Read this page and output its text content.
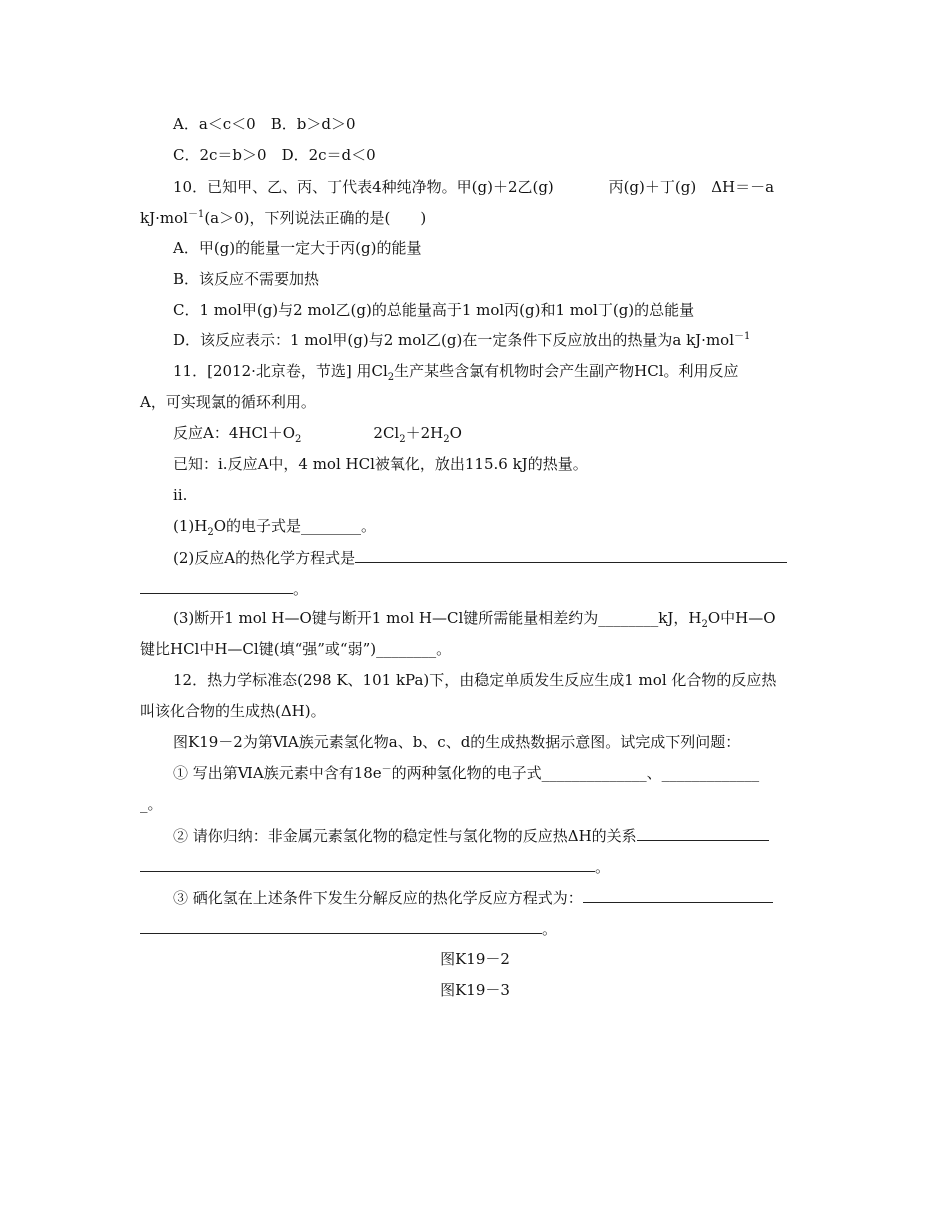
A．a＜c＜0　B．b＞d＞0
C．2c＝b＞0　D．2c＝d＜0
10．已知甲、乙、丙、丁代表4种纯净物。甲(g)＋2乙(g)	丙(g)＋丁(g)　ΔH＝－a
kJ·mol$^{-1}$(a＞0)，下列说法正确的是(　　)
A．甲(g)的能量一定大于丙(g)的能量
B．该反应不需要加热
C．1 mol甲(g)与2 mol乙(g)的总能量高于1 mol丙(g)和1 mol丁(g)的总能量
D．该反应表示：1 mol甲(g)与2 mol乙(g)在一定条件下反应放出的热量为a kJ·mol$^{-1}$
11．[2012·北京卷，节选] 用$Cl_2$生产某些含氯有机物时会产生副产物HCl。利用反应
A，可实现氯的循环利用。
反应A：$4HCl+O_2$	$2Cl_2+2H_2O$
已知：ⅰ.反应A中，4 mol HCl被氧化，放出115.6 kJ的热量。
ⅱ.
$(1)H_2O$的电子式是________。
(2)反应A的热化学方程式是
。
(3)断开1 mol H—O键与断开1 mol H—Cl键所需能量相差约为________kJ，$H_2O$中H—O
键比HCl中H—Cl键(填“强”或“弱”)________。
12．热力学标准态(298 K、101 kPa)下，由稳定单质发生反应生成1 mol 化合物的反应热
叫该化合物的生成热(ΔH)。
图K19－2为第ⅥA族元素氢化物a、b、c、d的生成热数据示意图。试完成下列问题：
① 写出第ⅥA族元素中含有18e－的两种氢化物的电子式______________、_____________
_。
② 请你归纳：非金属元素氢化物的稳定性与氢化物的反应热ΔH的关系
。
③ 硒化氢在上述条件下发生分解反应的热化学反应方程式为：
。
图K19－2
图K19－3
